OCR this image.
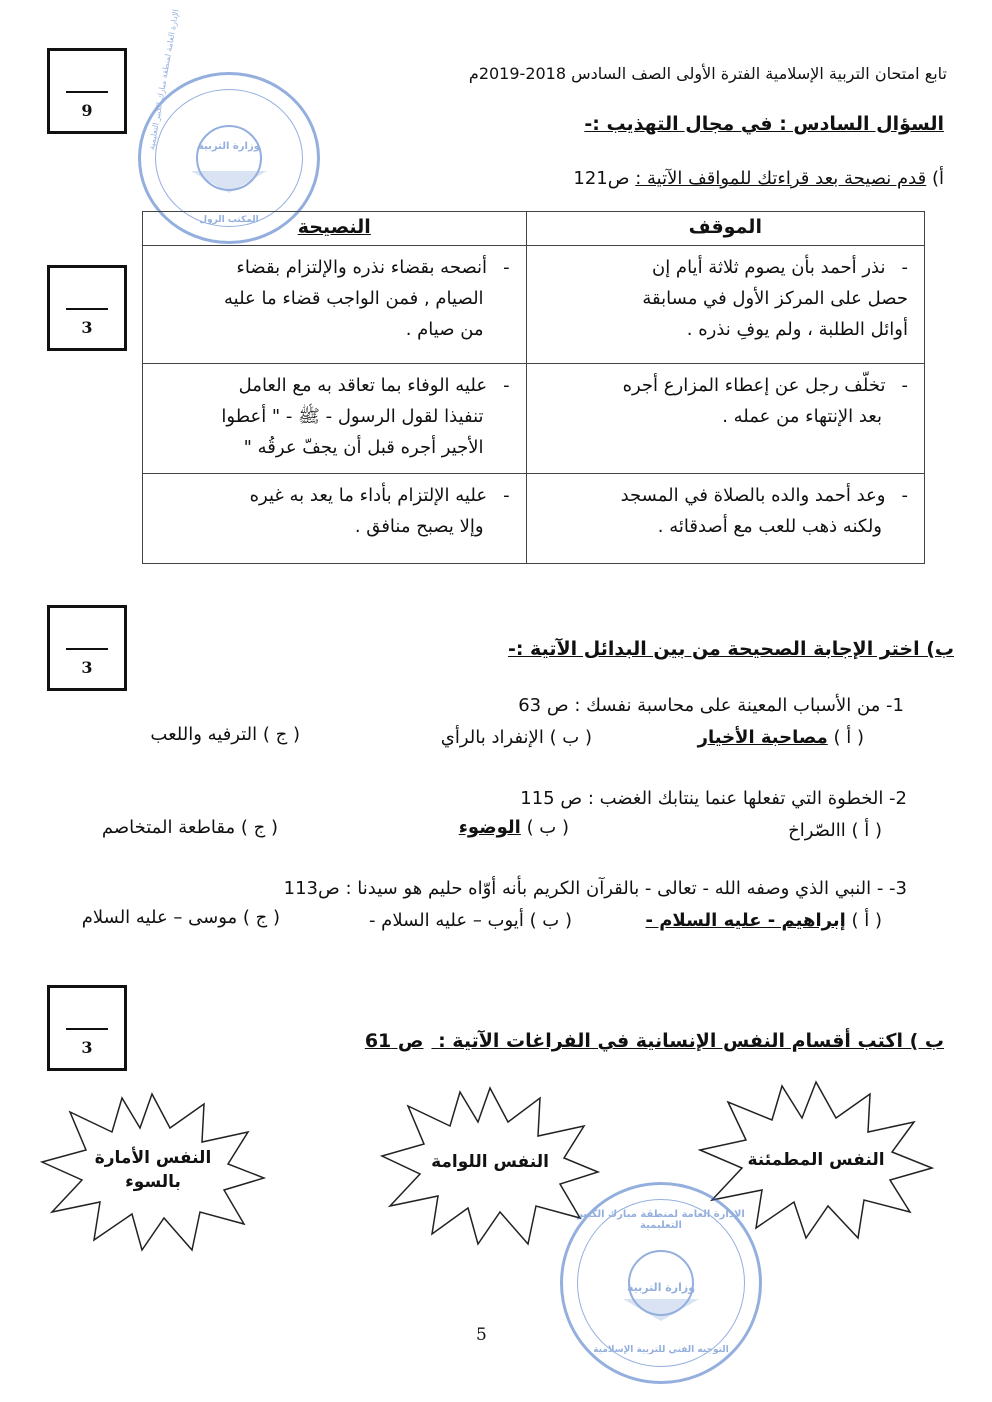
تابع امتحان التربية الإسلامية الفترة الأولى الصف السادس 2018-2019م
9
3
3
3
وزارة التربية
الإدارة العامة لمنطقة مبارك الكبير التعليمية
المكتب الرول
السؤال السادس : في مجال التهذيب :-
أ) قدم نصيحة بعد قراءتك للمواقف الآتية : ص121
الموقف	النصيحة

-نذر أحمد بأن يصوم ثلاثة أيام إن
حصل على المركز الأول في مسابقة
أوائل الطلبة ، ولم يوفِ نذره .	-أنصحه بقضاء نذره والإلتزام بقضاء
الصيام , فمن الواجب قضاء ما عليه
من صيام .

-تخلّف رجل عن إعطاء المزارع أجره
بعد الإنتهاء من عمله .	-عليه الوفاء بما تعاقد به مع العامل
تنفيذا لقول الرسول - ﷺ - " أعطوا
الأجير أجره قبل أن يجفّ عرقُه "

-وعد أحمد والده بالصلاة في المسجد
ولكنه ذهب للعب مع أصدقائه .	-عليه الإلتزام بأداء ما يعد به غيره
وإلا يصبح منافق .
ب) اختر الإجابة الصحيحة من بين البدائل الآتية :-
1- من الأسباب المعينة على محاسبة نفسك : ص 63
( أ ) مصاحبة الأخيار
( ب ) الإنفراد بالرأي
( ج ) الترفيه واللعب
2- الخطوة التي تفعلها عنما ينتابك الغضب : ص 115
( أ ) االصّراخ
( ب ) الوضوء
( ج ) مقاطعة المتخاصم
3- - النبي الذي وصفه الله - تعالى - بالقرآن الكريم بأنه أوّاه حليم هو سيدنا : ص113
( أ ) إبراهيم - عليه السلام -
( ب ) أيوب – عليه السلام -
( ج ) موسى – عليه السلام
ب ) اكتب أقسام النفس الإنسانية في الفراغات الآتية : ص 61
النفس المطمئنة
النفس اللوامة
النفس الأمارة
بالسوء
الإدارة العامة لمنطقة مبارك الكبير التعليمية
وزارة التربية
التوجيه الفني للتربية الإسلامية
5
